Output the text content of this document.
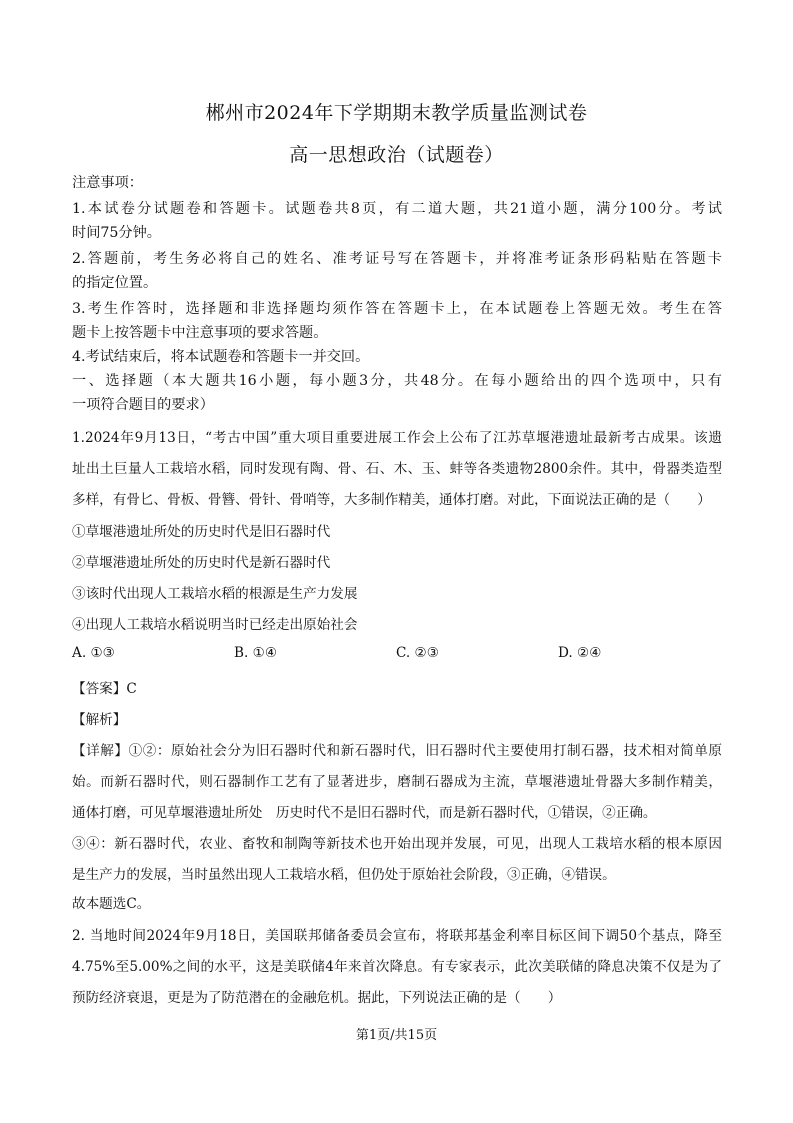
郴州市2024年下学期期末教学质量监测试卷
高一思想政治（试题卷）
注意事项：
1.本试卷分试题卷和答题卡。试题卷共8页，有二道大题，共21道小题，满分100分。考试
时间75分钟。
2.答题前，考生务必将自己的姓名、准考证号写在答题卡，并将准考证条形码粘贴在答题卡
的指定位置。
3.考生作答时，选择题和非选择题均须作答在答题卡上，在本试题卷上答题无效。考生在答
题卡上按答题卡中注意事项的要求答题。
4.考试结束后，将本试题卷和答题卡一并交回。
一、选择题（本大题共16小题，每小题3分，共48分。在每小题给出的四个选项中，只有
一项符合题目的要求）
1.2024年9月13日，“考古中国”重大项目重要进展工作会上公布了江苏草堰港遗址最新考古成果。该遗
址出土巨量人工栽培水稻，同时发现有陶、骨、石、木、玉、蚌等各类遗物2800余件。其中，骨器类造型
多样，有骨匕、骨板、骨簪、骨针、骨哨等，大多制作精美，通体打磨。对此，下面说法正确的是（　　）
①草堰港遗址所处的历史时代是旧石器时代
②草堰港遗址所处的历史时代是新石器时代
③该时代出现人工栽培水稻的根源是生产力发展
④出现人工栽培水稻说明当时已经走出原始社会
A. ①③	B. ①④	C. ②③	D. ②④
【答案】C
【解析】
【详解】①②：原始社会分为旧石器时代和新石器时代，旧石器时代主要使用打制石器，技术相对简单原
始。而新石器时代，则石器制作工艺有了显著进步，磨制石器成为主流，草堰港遗址骨器大多制作精美，
通体打磨，可见草堰港遗址所处　历史时代不是旧石器时代，而是新石器时代，①错误，②正确。
③④：新石器时代，农业、畜牧和制陶等新技术也开始出现并发展，可见，出现人工栽培水稻的根本原因
是生产力的发展，当时虽然出现人工栽培水稻，但仍处于原始社会阶段，③正确，④错误。
故本题选C。
2. 当地时间2024年9月18日，美国联邦储备委员会宣布，将联邦基金利率目标区间下调50个基点，降至
4.75%至5.00%之间的水平，这是美联储4年来首次降息。有专家表示，此次美联储的降息决策不仅是为了
预防经济衰退，更是为了防范潜在的金融危机。据此，下列说法正确的是（　　）
第1页/共15页
